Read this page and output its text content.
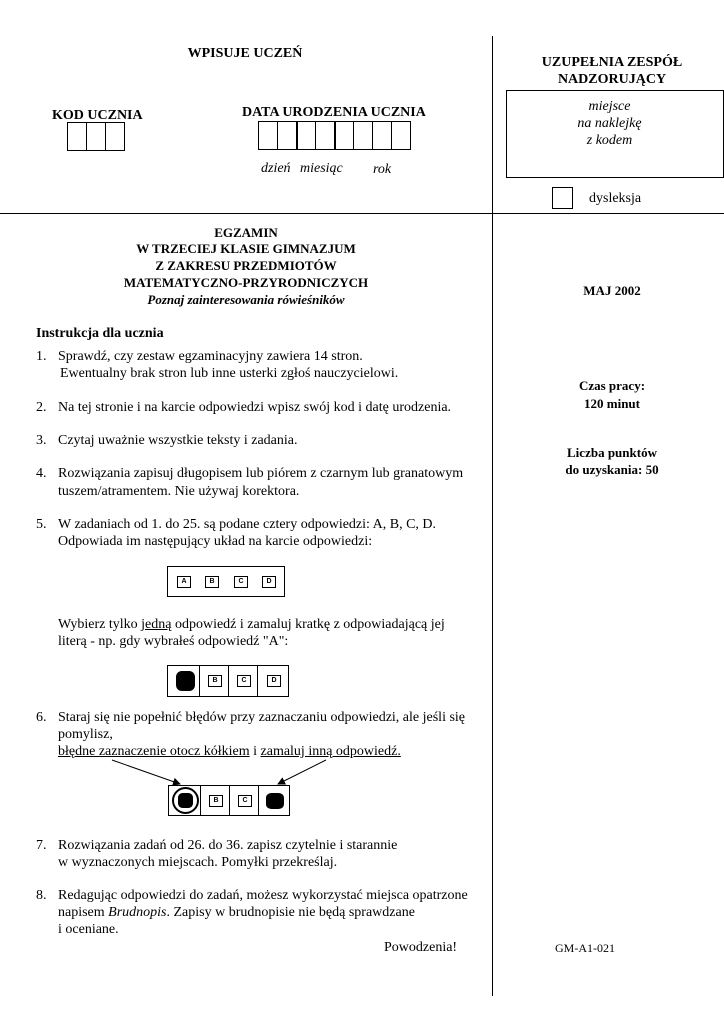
WPISUJE UCZEŃ
KOD UCZNIA	DATA URODZENIA UCZNIA
dzień miesiąc rok
UZUPEŁNIA ZESPÓŁ
NADZORUJĄCY
miejsce
na naklejkę
z kodem
dysleksja
EGZAMIN
W TRZECIEJ KLASIE GIMNAZJUM
Z ZAKRESU PRZEDMIOTÓW
MATEMATYCZNO-PRZYRODNICZYCH
Poznaj zainteresowania rówieśników
MAJ 2002
Czas pracy:
120 minut
Liczba punktów
do uzyskania: 50
GM-A1-021
Instrukcja dla ucznia
1. Sprawdź, czy zestaw egzaminacyjny zawiera 14 stron.
Ewentualny brak stron lub inne usterki zgłoś nauczycielowi.
2. Na tej stronie i na karcie odpowiedzi wpisz swój kod i datę urodzenia.
3. Czytaj uważnie wszystkie teksty i zadania.
4. Rozwiązania zapisuj długopisem lub piórem z czarnym lub granatowym
tuszem/atramentem. Nie używaj korektora.
5. W zadaniach od 1. do 25. są podane cztery odpowiedzi: A, B, C, D.
Odpowiada im następujący układ na karcie odpowiedzi:
A	B	C	D
Wybierz tylko jedną odpowiedź i zamaluj kratkę z odpowiadającą jej
literą - np. gdy wybrałeś odpowiedź "A":
B	C	D
6. Staraj się nie popełnić błędów przy zaznaczaniu odpowiedzi, ale jeśli się
pomylisz,
błędne zaznaczenie otocz kółkiem i zamaluj inną odpowiedź.
B	C
7. Rozwiązania zadań od 26. do 36. zapisz czytelnie i starannie
w wyznaczonych miejscach. Pomyłki przekreślaj.
8. Redagując odpowiedzi do zadań, możesz wykorzystać miejsca opatrzone
napisem Brudnopis. Zapisy w brudnopisie nie będą sprawdzane
i oceniane.
Powodzenia!
